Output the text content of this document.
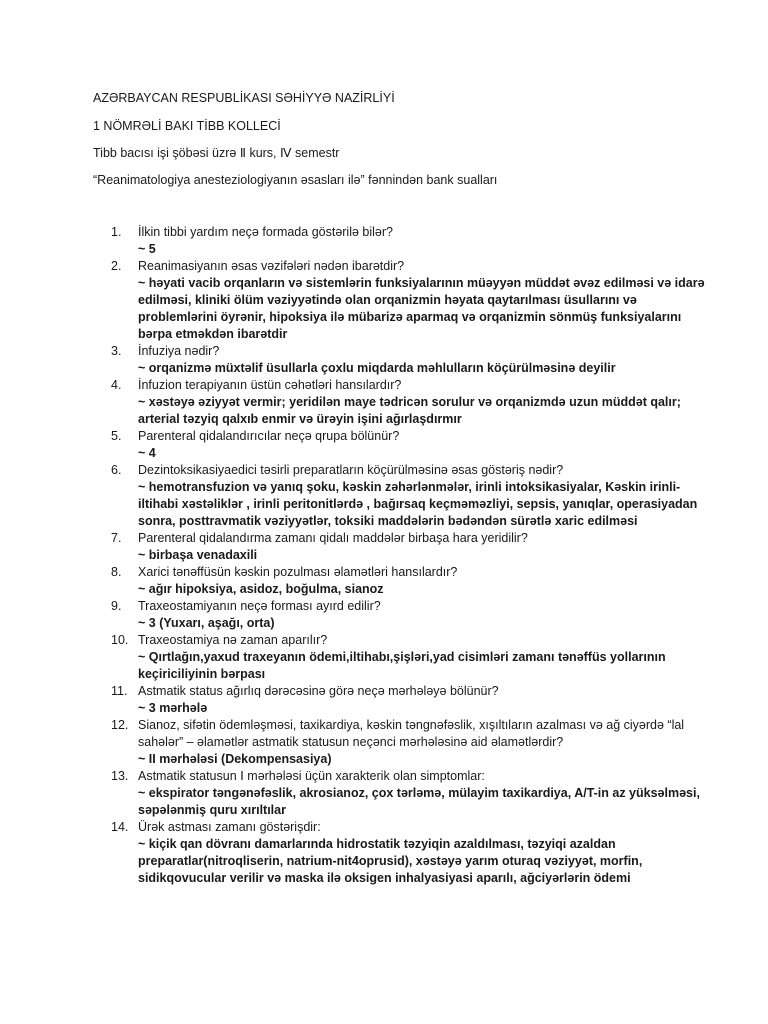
AZƏRBAYCAN RESPUBLİKASI SƏHİYYƏ NAZİRLİYİ
1 NÖMRƏLİ BAKI TİBB KOLLECİ
Tibb bacısı işi şöbəsi üzrə Ⅱ kurs, Ⅳ semestr
“Reanimatologiya anesteziologiyanın əsasları ilə” fənnindən bank sualları
1.	İlkin tibbi yardım neçə formada göstərilə bilər?
~ 5
2.	Reanimasiyanın əsas vəzifələri nədən ibarətdir?
~ həyati vacib orqanların və sistemlərin funksiyalarının müəyyən müddət əvəz edilməsi və idarə edilməsi, kliniki ölüm vəziyyətində olan orqanizmin həyata qaytarılması üsullarını və problemlərini öyrənir, hipoksiya ilə mübarizə aparmaq və orqanizmin sönmüş funksiyalarını bərpa etməkdən ibarətdir
3.	İnfuziya nədir?
~ orqanizmə müxtəlif üsullarla çoxlu miqdarda məhlulların köçürülməsinə deyilir
4.	İnfuzion terapiyanın üstün cəhətləri hansılardır?
~ xəstəyə əziyyət vermir; yeridilən maye tədricən sorulur və orqanizmdə uzun müddət qalır; arterial təzyiq qalxıb enmir və ürəyin işini ağırlaşdırmır
5.	Parenteral qidalandırıcılar neçə qrupa bölünür?
~ 4
6.	Dezintoksikasiyaedici təsirli preparatların köçürülməsinə əsas göstəriş nədir?
~ hemotransfuzion və yanıq şoku, kəskin zəhərlənmələr, irinli intoksikasiyalar, Kəskin irinli-iltihabi xəstəliklər , irinli peritonitlərdə , bağırsaq keçməməzliyi, sepsis, yanıqlar, operasiyadan sonra, posttravmatik vəziyyətlər, toksiki maddələrin bədəndən sürətlə xaric edilməsi
7.	Parenteral qidalandırma zamanı qidalı maddələr birbaşa hara yeridilir?
~ birbaşa venadaxili
8.	Xarici tənəffüsün kəskin pozulması əlamətləri hansılardır?
~ ağır hipoksiya, asidoz, boğulma, sianoz
9.	Traxeostamiyanın neçə forması ayırd edilir?
~ 3 (Yuxarı, aşağı, orta)
10. Traxeostamiya nə zaman aparılır?
~ Qırtlağın,yaxud traxeyanın ödemi,iltihabı,şişləri,yad cisimləri zamanı tənəffüs yollarının keçiriciliyinin bərpası
11. Astmatik status ağırlıq dərəcəsinə görə neçə mərhələyə bölünür?
~ 3 mərhələ
12. Sianoz, sifətin ödemləşməsi, taxikardiya, kəskin təngnəfəslik, xışıltıların azalması və ağ ciyərdə “lal sahələr” – əlamətlər astmatik statusun neçənci mərhələsinə aid əlamətlərdir?
~ II mərhələsi (Dekompensasiya)
13. Astmatik statusun Ⅰ mərhələsi üçün xarakterik olan simptomlar:
~ ekspirator təngənəfəslik, akrosianoz, çox tərləmə, mülayim taxikardiya, A/T-in az yüksəlməsi, səpələnmiş quru xırıltılar
14. Ürək astması zamanı göstərişdir:
~ kiçik qan dövranı damarlarında hidrostatik təzyiqin azaldılması, təzyiqi azaldan preparatlar(nitroqliserin, natrium-nit4oprusid), xəstəyə yarım oturaq vəziyyət, morfin, sidikqovucular verilir və maska ilə oksigen inhalyasiyasi aparılı, ağciyərlərin ödemi
